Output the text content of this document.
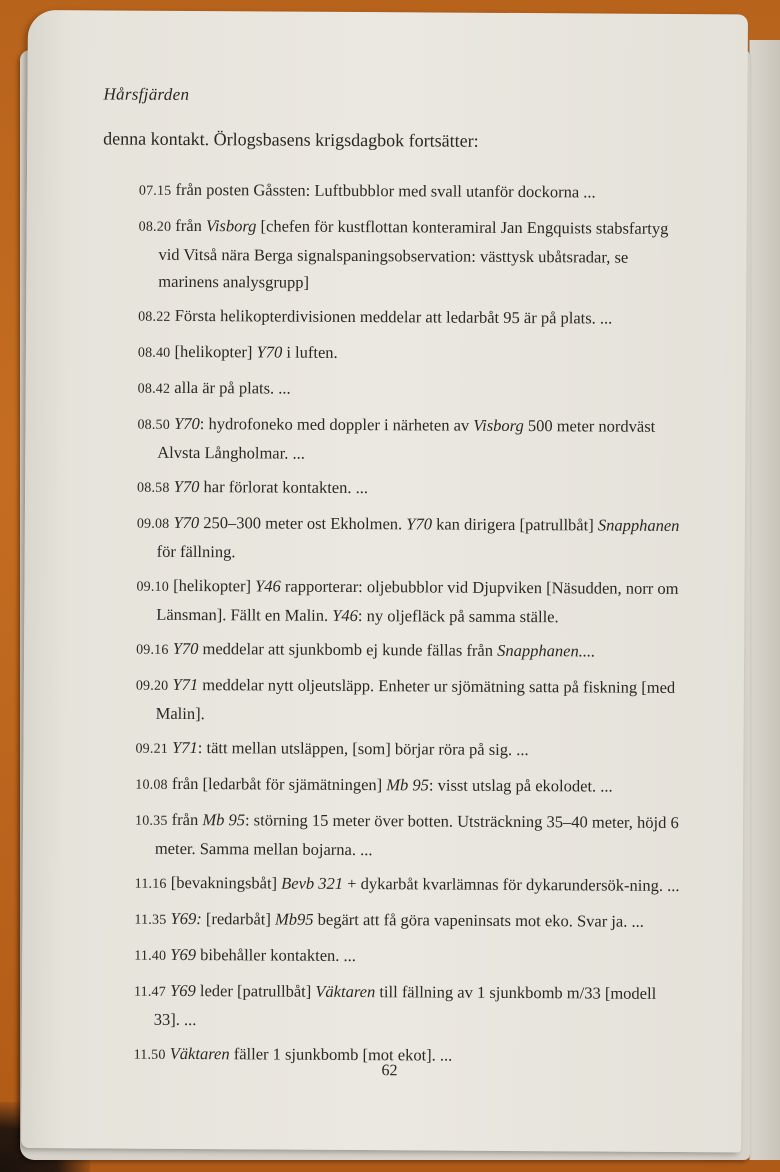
Hårsfjärden
denna kontakt. Örlogsbasens krigsdagbok fortsätter:
07.15 från posten Gåssten: Luftbubblor med svall utanför dockorna ...
08.20 från Visborg [chefen för kustflottan konteramiral Jan Engquists stabsfartyg vid Vitså nära Berga signalspaningsobservation: västtysk ubåtsradar, se marinens analysgrupp]
08.22 Första helikopterdivisionen meddelar att ledarbåt 95 är på plats. ...
08.40 [helikopter] Y70 i luften.
08.42 alla är på plats. ...
08.50 Y70: hydrofoneko med doppler i närheten av Visborg 500 meter nordväst Alvsta Långholmar. ...
08.58 Y70 har förlorat kontakten. ...
09.08 Y70 250–300 meter ost Ekholmen. Y70 kan dirigera [patrullbåt] Snapphanen för fällning.
09.10 [helikopter] Y46 rapporterar: oljebubblor vid Djupviken [Näsudden, norr om Länsman]. Fällt en Malin. Y46: ny oljefläck på samma ställe.
09.16 Y70 meddelar att sjunkbomb ej kunde fällas från Snapphanen....
09.20 Y71 meddelar nytt oljeutsläpp. Enheter ur sjömätning satta på fiskning [med Malin].
09.21 Y71: tätt mellan utsläppen, [som] börjar röra på sig. ...
10.08 från [ledarbåt för sjämätningen] Mb 95: visst utslag på ekolodet. ...
10.35 från Mb 95: störning 15 meter över botten. Utsträckning 35–40 meter, höjd 6 meter. Samma mellan bojarna. ...
11.16 [bevakningsbåt] Bevb 321 + dykarbåt kvarlämnas för dykarundersök-ning. ...
11.35 Y69: [redarbåt] Mb95 begärt att få göra vapeninsats mot eko. Svar ja. ...
11.40 Y69 bibehåller kontakten. ...
11.47 Y69 leder [patrullbåt] Väktaren till fällning av 1 sjunkbomb m/33 [modell 33]. ...
11.50 Väktaren fäller 1 sjunkbomb [mot ekot]. ...
62
